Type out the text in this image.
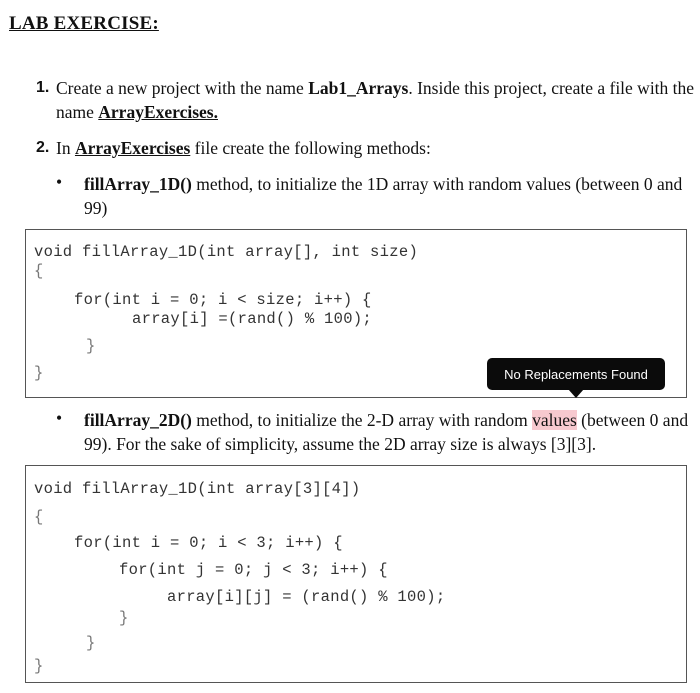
LAB EXERCISE:
1. Create a new project with the name Lab1_Arrays. Inside this project, create a file with the name ArrayExercises.
2. In ArrayExercises file create the following methods:
• fillArray_1D() method, to initialize the 1D array with random values (between 0 and 99)
void fillArray_1D(int array[], int size)
{
for(int i = 0; i < size; i++) {
array[i] =(rand() % 100);
}
}	No Replacements Found
• fillArray_2D() method, to initialize the 2-D array with random values (between 0 and 99). For the sake of simplicity, assume the 2D array size is always [3][3].
void fillArray_1D(int array[3][4])
{
for(int i = 0; i < 3; i++) {
for(int j = 0; j < 3; i++) {
array[i][j] = (rand() % 100);
}
}
}
